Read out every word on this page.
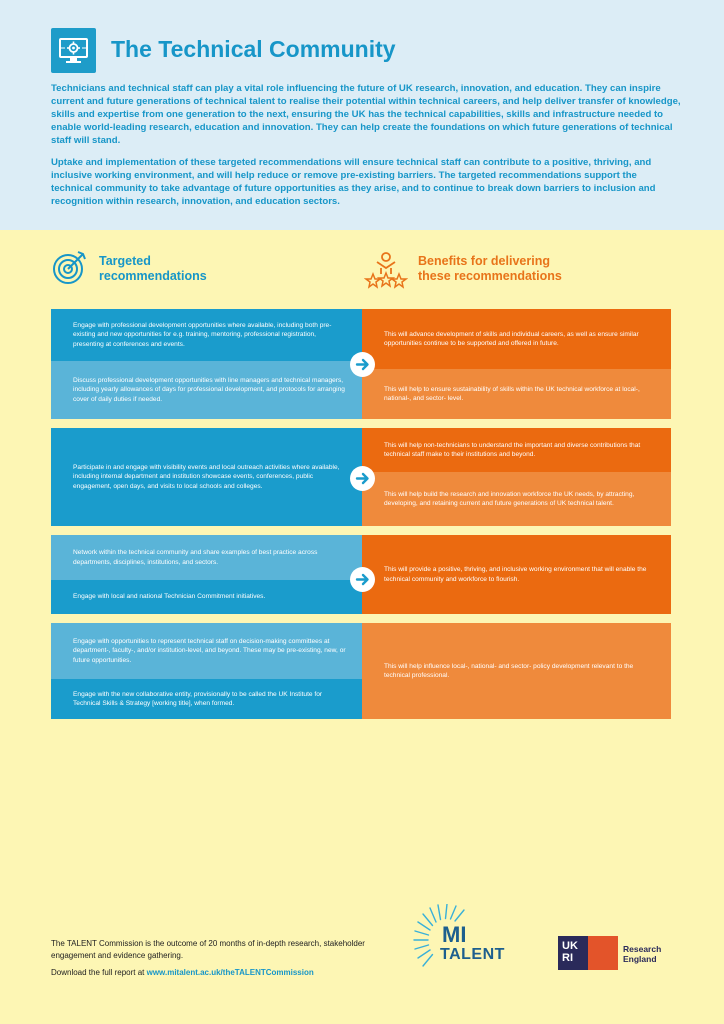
The Technical Community

Technicians and technical staff can play a vital role influencing the future of UK research, innovation, and education. They can inspire current and future generations of technical talent to realise their potential within technical careers, and help deliver transfer of knowledge, skills and expertise from one generation to the next, ensuring the UK has the technical capabilities, skills and infrastructure needed to enable world-leading research, education and innovation. They can help create the foundations on which future generations of technical staff will stand.

Uptake and implementation of these targeted recommendations will ensure technical staff can contribute to a positive, thriving, and inclusive working environment, and will help reduce or remove pre-existing barriers. The targeted recommendations support the technical community to take advantage of future opportunities as they arise, and to continue to break down barriers to inclusion and recognition within research, innovation, and education sectors.

Targeted
recommendations
Benefits for delivering
these recommendations
Engage with professional development opportunities where available, including both pre-existing and new opportunities for e.g. training, mentoring, professional registration, presenting at conferences and events.
Discuss professional development opportunities with line managers and technical managers, including yearly allowances of days for professional development, and protocols for arranging cover of daily duties if needed.
This will advance development of skills and individual careers, as well as ensure similar opportunities continue to be supported and offered in future.
This will help to ensure sustainability of skills within the UK technical workforce at local-, national-, and sector- level.
Participate in and engage with visibility events and local outreach activities where available, including internal department and institution showcase events, conferences, public engagement, open days, and visits to local schools and colleges.
This will help non-technicians to understand the important and diverse contributions that technical staff make to their institutions and beyond.
This will help build the research and innovation workforce the UK needs, by attracting, developing, and retaining current and future generations of UK technical talent.
Network within the technical community and share examples of best practice across departments, disciplines, institutions, and sectors.
Engage with local and national Technician Commitment initiatives.
This will provide a positive, thriving, and inclusive working environment that will enable the technical community and workforce to flourish.
Engage with opportunities to represent technical staff on decision-making committees at department-, faculty-, and/or institution-level, and beyond. These may be pre-existing, new, or future opportunities.
Engage with the new collaborative entity, provisionally to be called the UK Institute for Technical Skills & Strategy [working title], when formed.
This will help influence local-, national- and sector- policy development relevant to the technical professional.

The TALENT Commission is the outcome of 20 months of in-depth research, stakeholder engagement and evidence gathering.

Download the full report at www.mitalent.ac.uk/theTALENTCommission

MI
TALENT	UK RI
Research
England
